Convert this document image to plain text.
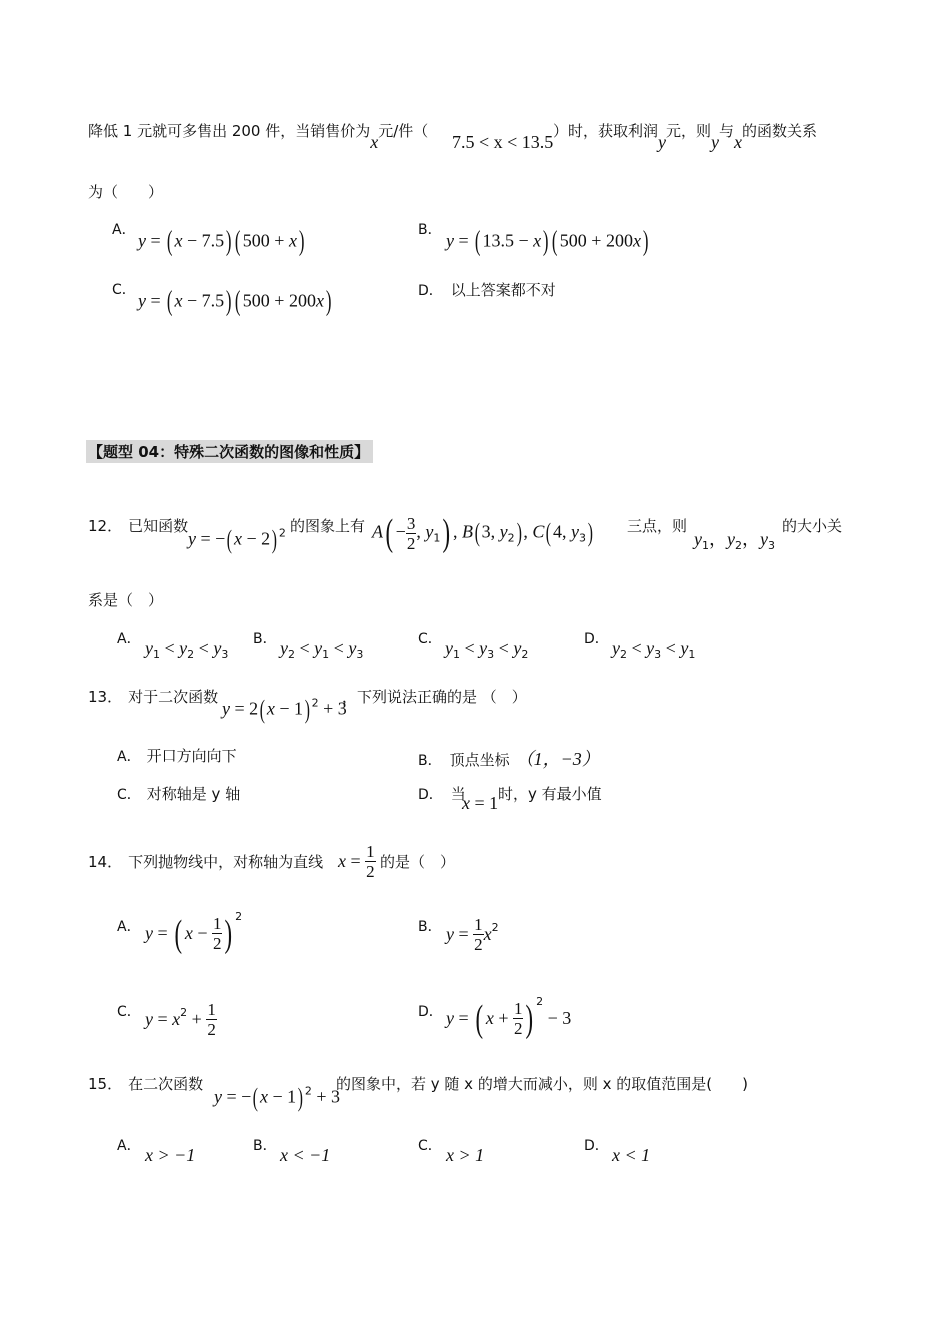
降低 1 元就可多售出 200 件，当销售价为x元/件（
7.5 < x < 13.5
）时，获取利润y元，则y与x的函数关系
为（　　）
A．
y = ( x − 7.5) ( 500 + x)	B．
y = ( 13.5 − x) ( 500 + 200x)
C．
y = ( x − 7.5) ( 500 + 200x)	D． 以上答案都不对
【题型 04：特殊二次函数的图像和性质】
12． 已知函数
y = −(x − 2) $^2$ 的图象上有 $A( - \frac{3}{2}$ , $y_1$) , B(3, $y_2$), C(4, $y_3$) 三点，则
$y_1$，$y_2$，$y_3$
的大小关
系是（　）
A． $y_1 < y_2 < y_3$
B． $y_2 < y_1 < y_3$
C． $y_1 < y_3 < y_2$
D． $y_2 < y_3 < y_1$
13． 对于二次函数
y = 2(x − 1) $^2$ + 3
，下列说法正确的是 （　）
A． 开口方向向下	B． 顶点坐标 （1，−3）
C． 对称轴是 y 轴	D． 当
x = 1 时，y 有最小值
14． 下列抛物线中，对称轴为直线 $x = \frac{1}{2}$ 的是（　）
A． y = ( $x - \frac{1}{2}$ ) $^2$
B． $y = \frac{1}{2} x^2$
C． $y = x^2 + \frac{1}{2}$	D． y = ( $x + \frac{1}{2}$ ) $^2$ − 3
15． 在二次函数
y = −(x − 1) $^2$ + 3
的图象中，若 y 随 x 的增大而减小，则 x 的取值范围是(　　)
A． x > −1	B． x < −1	C． x > 1	D． x < 1
